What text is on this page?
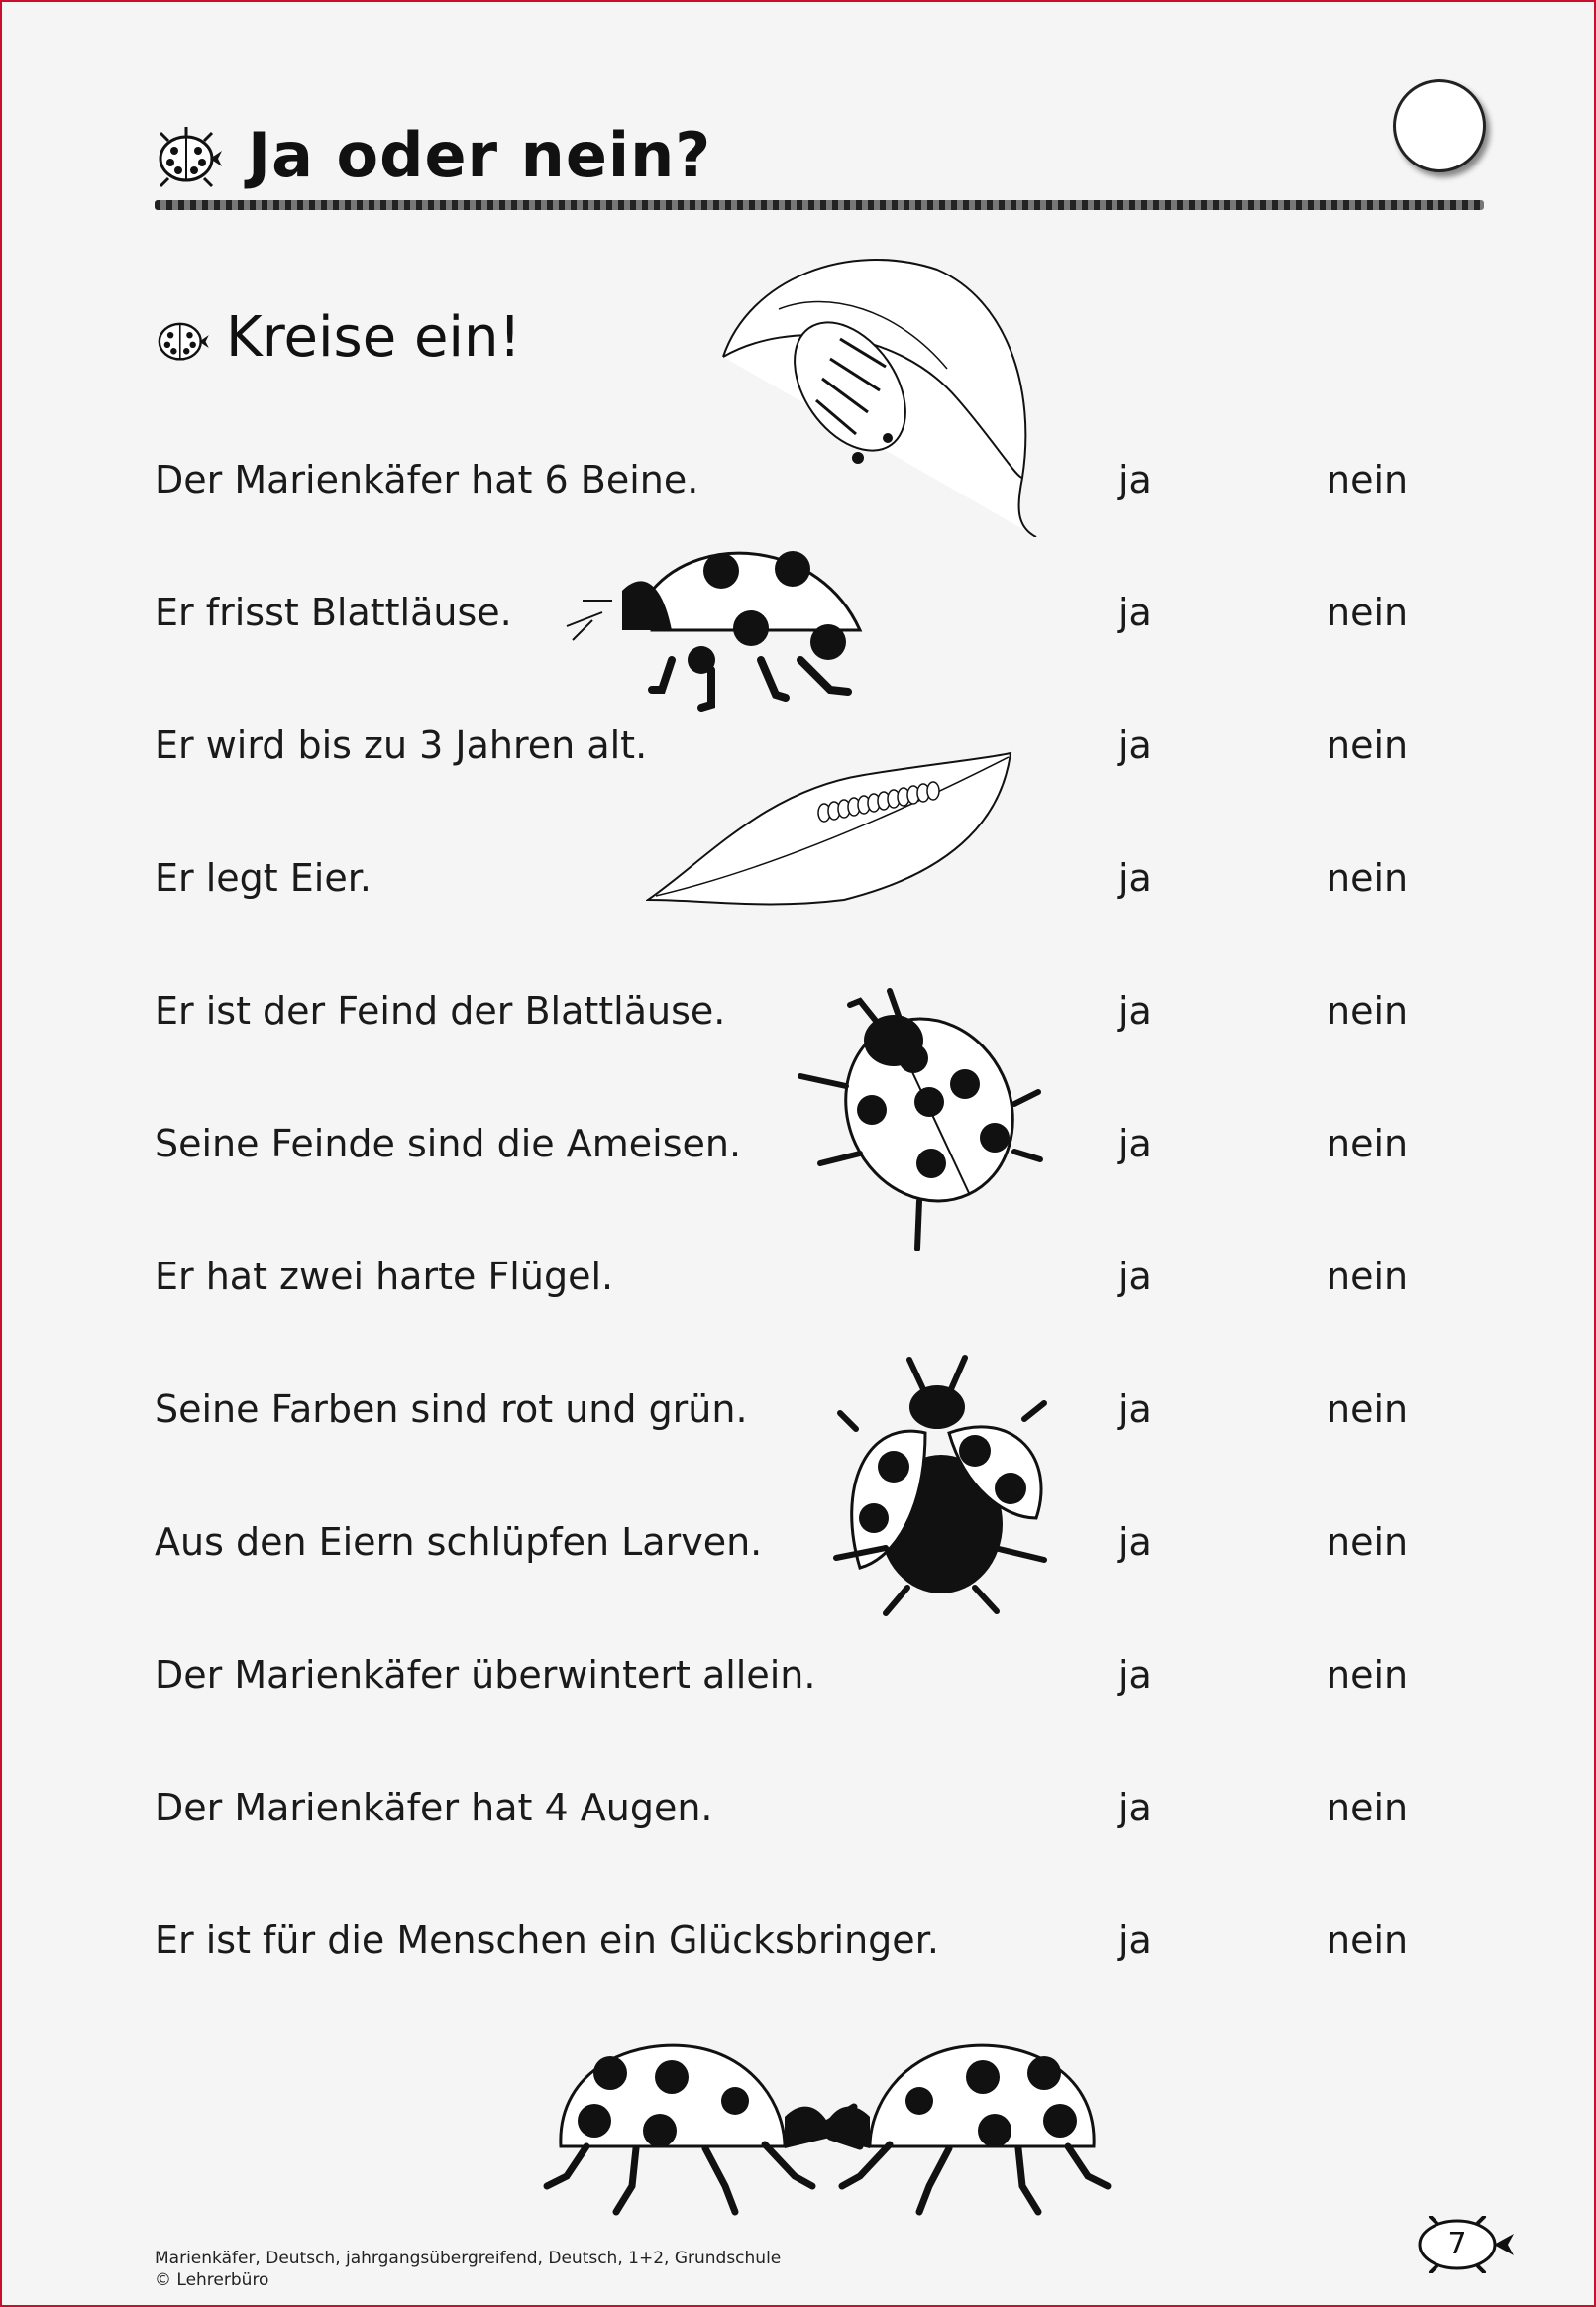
Ja oder nein?
Kreise ein!
Der Marienkäfer hat 6 Beine.	ja	nein
Er frisst Blattläuse.	ja	nein
Er wird bis zu 3 Jahren alt.	ja	nein
Er legt Eier.	ja	nein
Er ist der Feind der Blattläuse.	ja	nein
Seine Feinde sind die Ameisen.	ja	nein
Er hat zwei harte Flügel.	ja	nein
Seine Farben sind rot und grün.	ja	nein
Aus den Eiern schlüpfen Larven.	ja	nein
Der Marienkäfer überwintert allein.	ja	nein
Der Marienkäfer hat 4 Augen.	ja	nein
Er ist für die Menschen ein Glücksbringer.	ja	nein
Marienkäfer, Deutsch, jahrgangsübergreifend, Deutsch, 1+2, Grundschule
© Lehrerbüro
7
